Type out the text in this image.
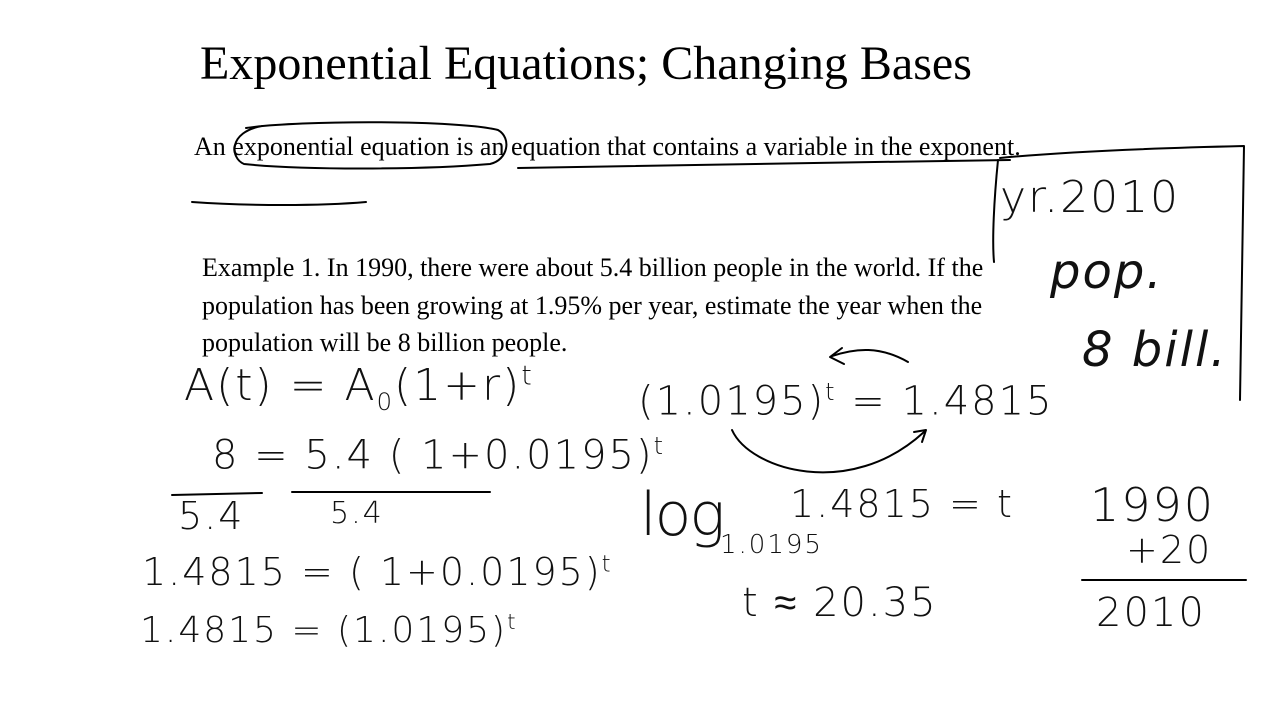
Exponential Equations; Changing Bases

An exponential equation is an equation that contains a variable in the exponent.

Example 1. In 1990, there were about 5.4 billion people in the world. If the population has been growing at 1.95% per year, estimate the year when the population will be 8 billion people.

$A(t) = A_0(1+r)^t$
8 = 5.4 ( 1+0.0195)$^t$
5.4	5.4
1.4815 = ( 1+0.0195)$^t$
$1.4815 = (1.0195)^t$
$(1.0195)^t = 1.4815$
log
1.0195
1.4815 = t
t ≈ 20.35
yr.2010
pop.
8 bill.
1990
+20
2010
